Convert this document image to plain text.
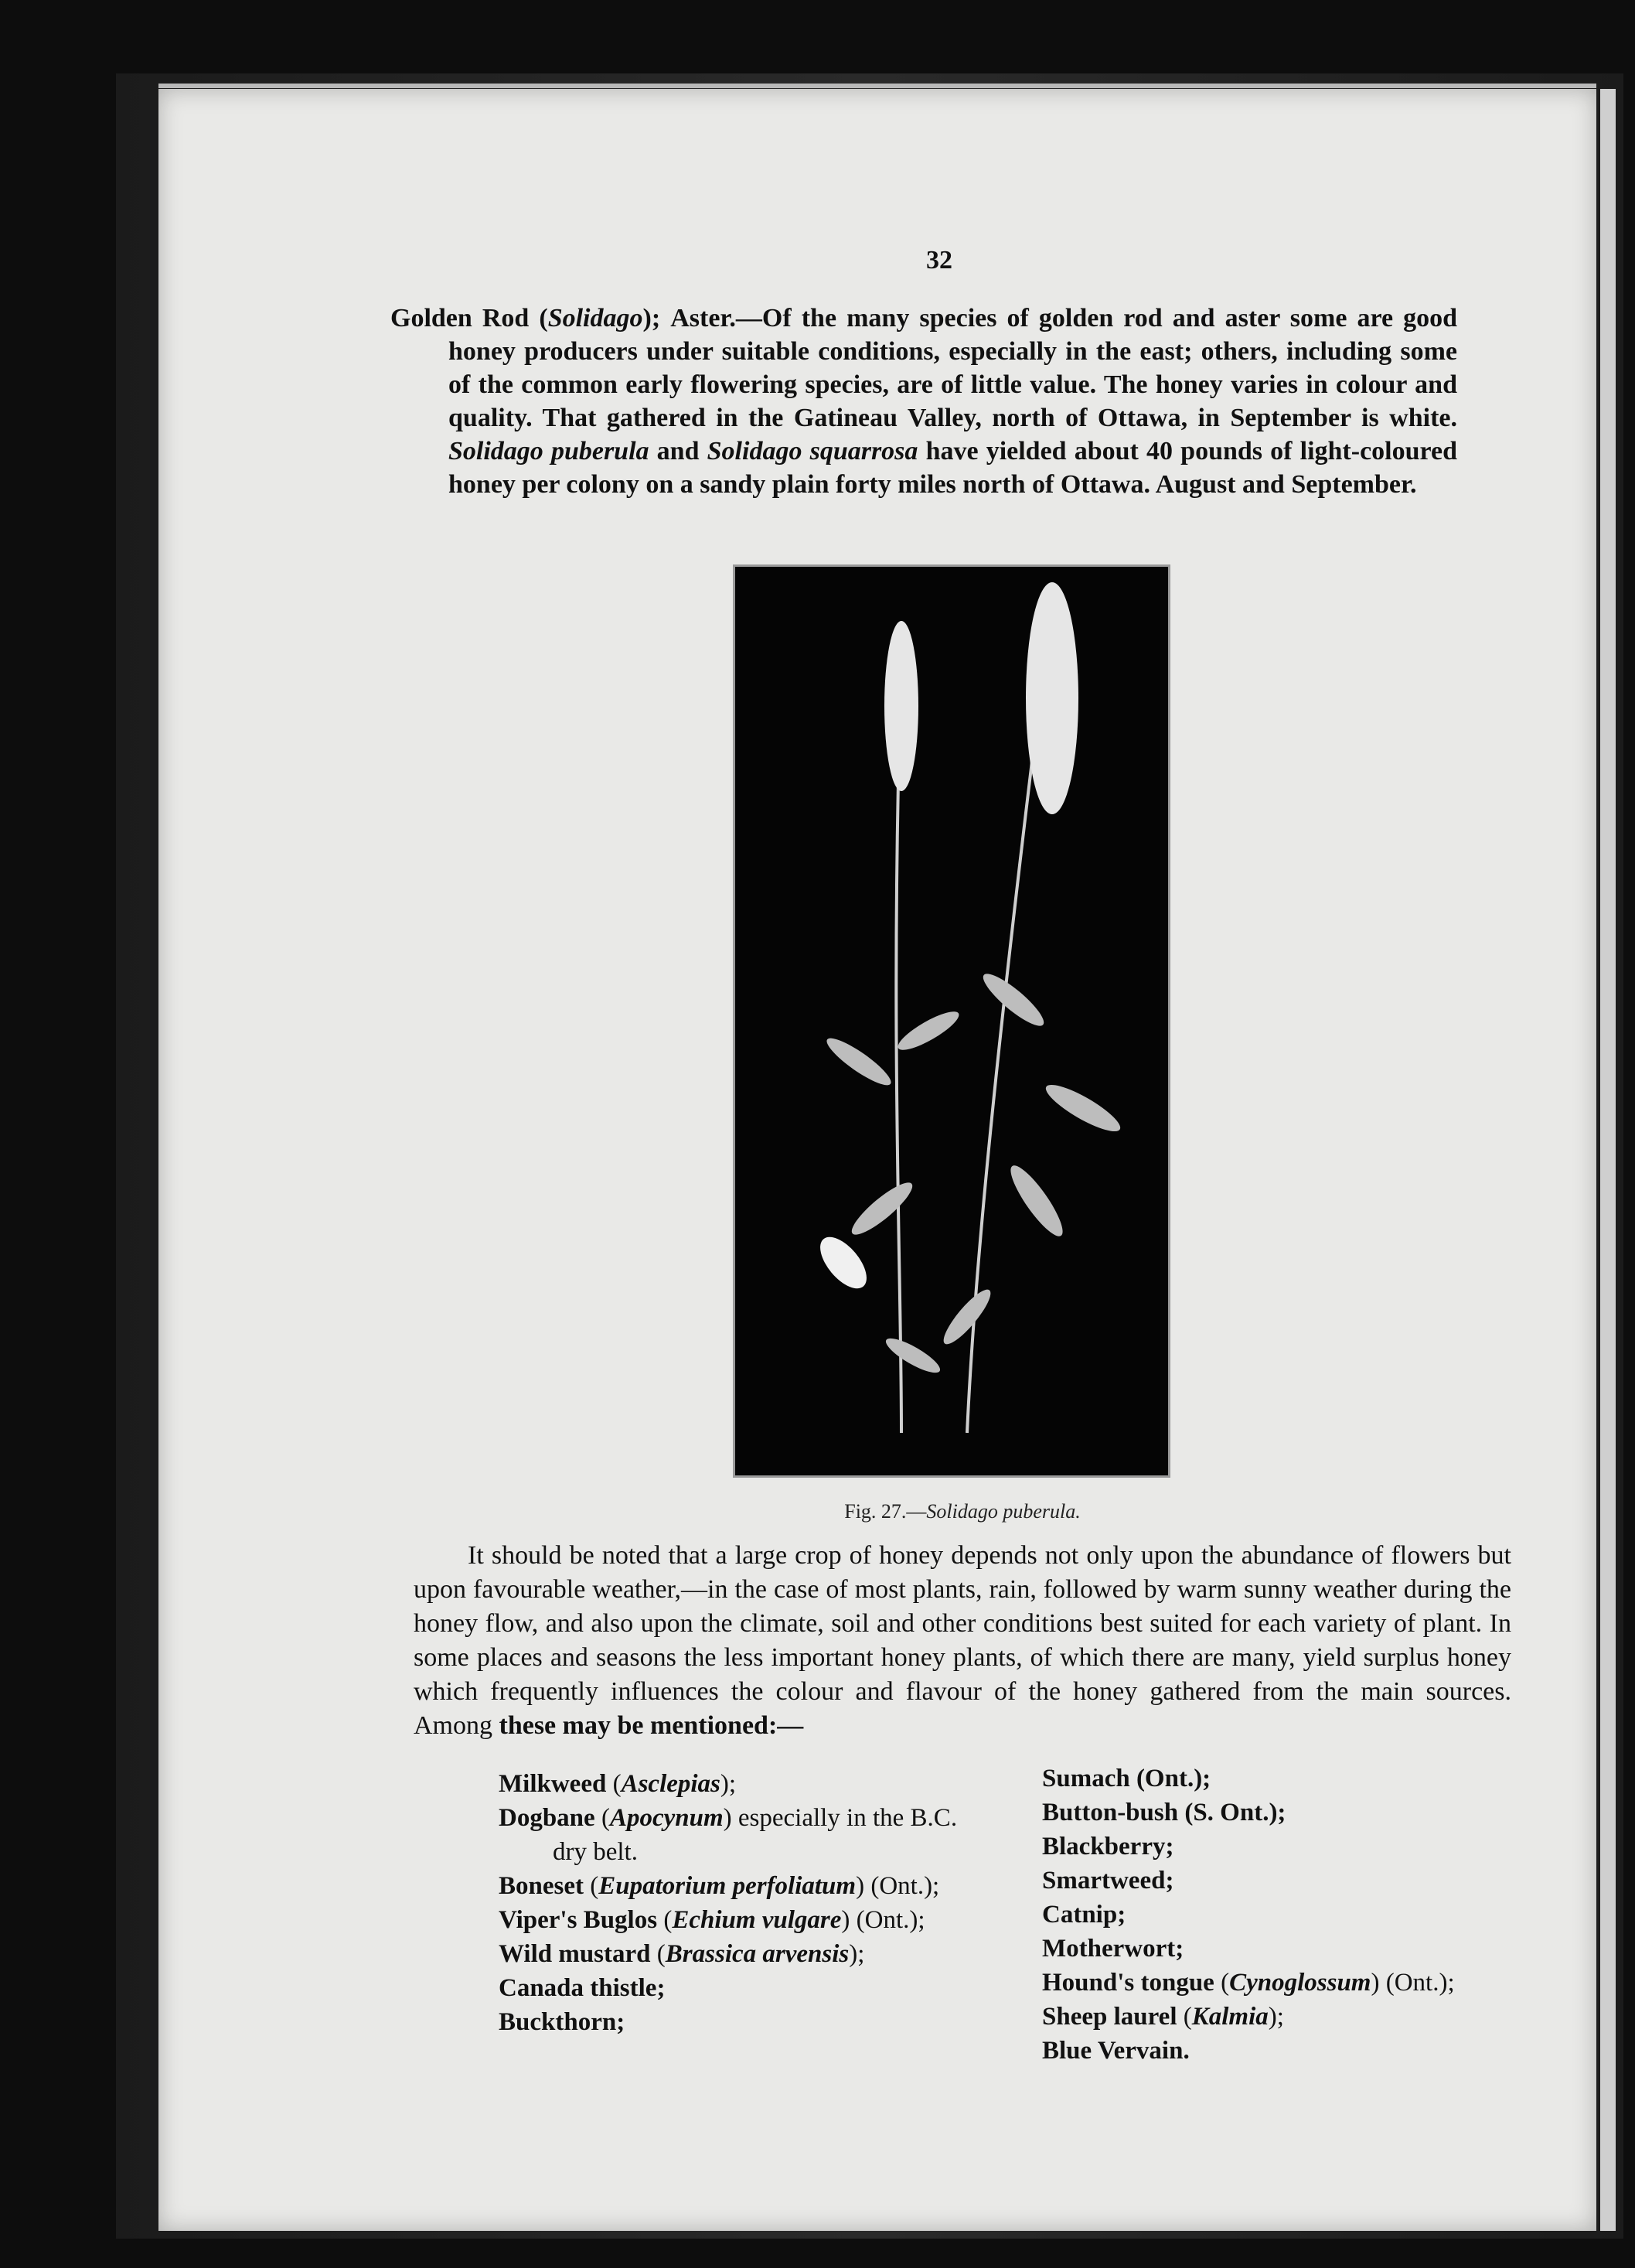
32
Golden Rod (Solidago); Aster.—Of the many species of golden rod and aster some are good honey producers under suitable conditions, especially in the east; others, including some of the common early flowering species, are of little value. The honey varies in colour and quality. That gathered in the Gatineau Valley, north of Ottawa, in September is white. Solidago puberula and Solidago squarrosa have yielded about 40 pounds of light-coloured honey per colony on a sandy plain forty miles north of Ottawa. August and September.
Fig. 27.—Solidago puberula.
It should be noted that a large crop of honey depends not only upon the abundance of flowers but upon favourable weather,—in the case of most plants, rain, followed by warm sunny weather during the honey flow, and also upon the climate, soil and other conditions best suited for each variety of plant. In some places and seasons the less important honey plants, of which there are many, yield surplus honey which frequently influences the colour and flavour of the honey gathered from the main sources. Among these may be mentioned:—
Milkweed (Asclepias);
Dogbane (Apocynum) especially in the B.C. dry belt.
Boneset (Eupatorium perfoliatum) (Ont.);
Viper's Buglos (Echium vulgare) (Ont.);
Wild mustard (Brassica arvensis);
Canada thistle;
Buckthorn;
Sumach (Ont.);
Button-bush (S. Ont.);
Blackberry;
Smartweed;
Catnip;
Motherwort;
Hound's tongue (Cynoglossum) (Ont.);
Sheep laurel (Kalmia);
Blue Vervain.
